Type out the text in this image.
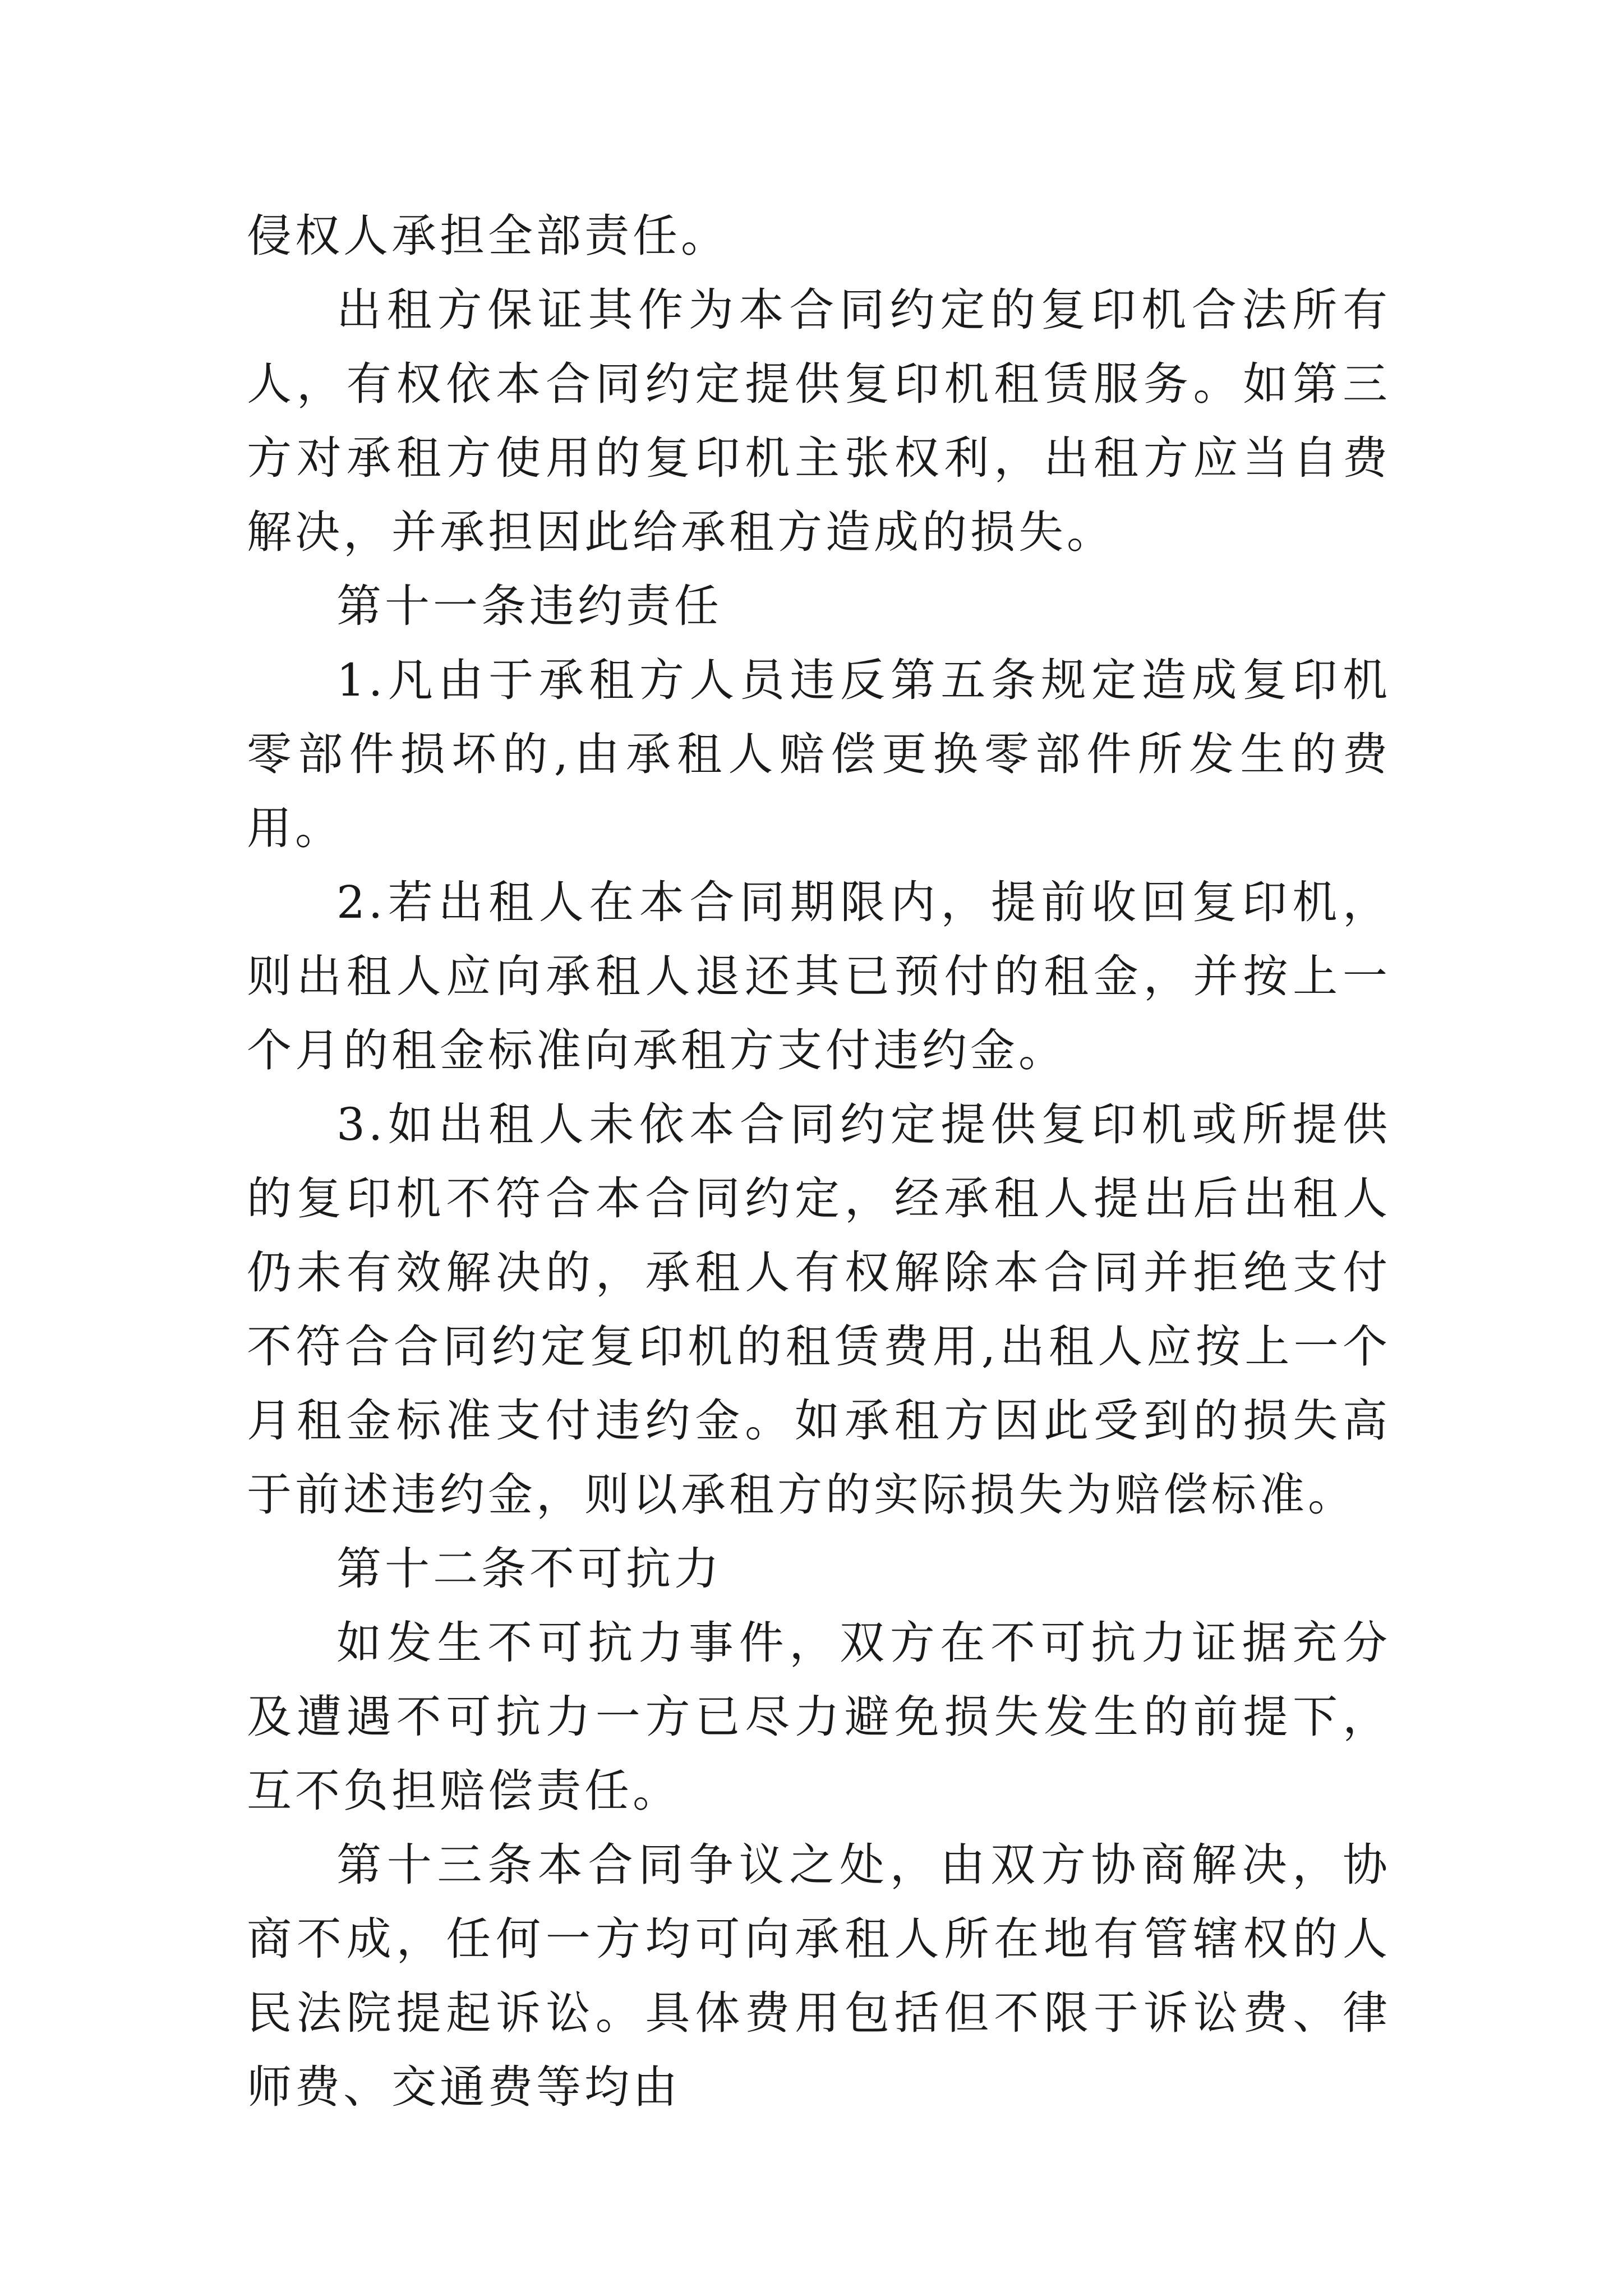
侵权人承担全部责任。

出租方保证其作为本合同约定的复印机合法所有人，有权依本合同约定提供复印机租赁服务。如第三方对承租方使用的复印机主张权利，出租方应当自费解决，并承担因此给承租方造成的损失。

第十一条违约责任

1.凡由于承租方人员违反第五条规定造成复印机零部件损坏的,由承租人赔偿更换零部件所发生的费用。

2.若出租人在本合同期限内，提前收回复印机，则出租人应向承租人退还其已预付的租金，并按上一个月的租金标准向承租方支付违约金。

3.如出租人未依本合同约定提供复印机或所提供的复印机不符合本合同约定，经承租人提出后出租人仍未有效解决的，承租人有权解除本合同并拒绝支付不符合合同约定复印机的租赁费用,出租人应按上一个月租金标准支付违约金。如承租方因此受到的损失高于前述违约金，则以承租方的实际损失为赔偿标准。

第十二条不可抗力

如发生不可抗力事件，双方在不可抗力证据充分及遭遇不可抗力一方已尽力避免损失发生的前提下，互不负担赔偿责任。

第十三条本合同争议之处，由双方协商解决，协商不成，任何一方均可向承租人所在地有管辖权的人民法院提起诉讼。具体费用包括但不限于诉讼费、律师费、交通费等均由
